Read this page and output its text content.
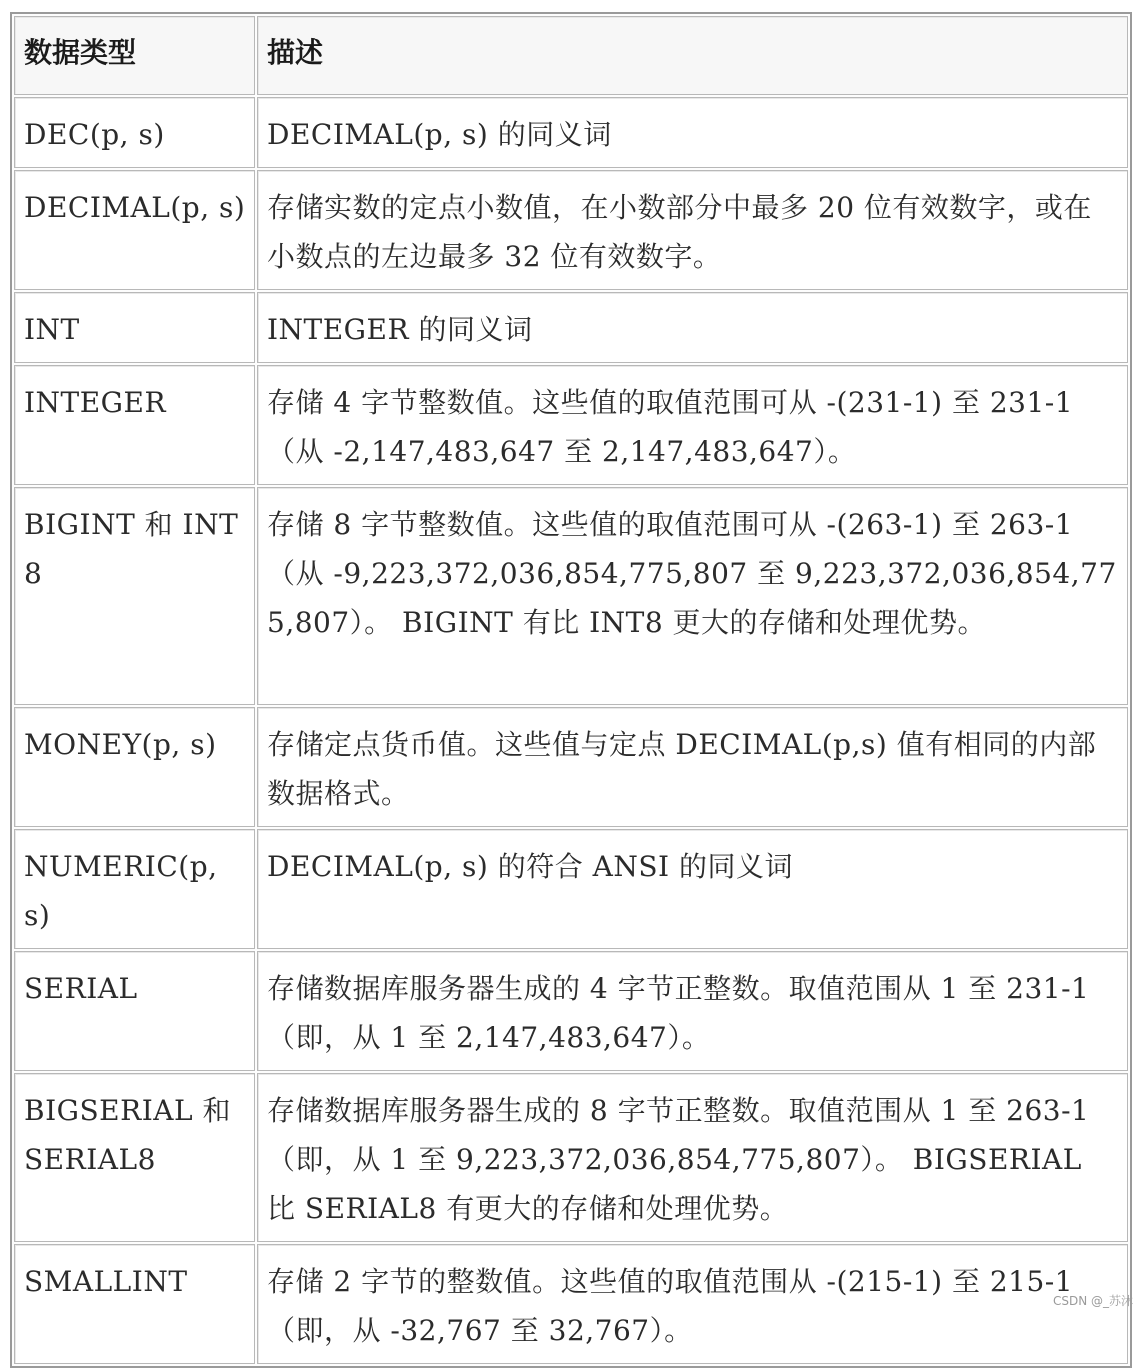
数据类型	描述
DEC(p, s)	DECIMAL(p, s) 的同义词
DECIMAL(p, s)	存储实数的定点小数值，在小数部分中最多 20 位有效数字，或在小数点的左边最多 32 位有效数字。
INT	INTEGER 的同义词
INTEGER	存储 4 字节整数值。这些值的取值范围可从 -(231-1) 至 231-1（从 -2,147,483,647 至 2,147,483,647）。
BIGINT 和 INT8	存储 8 字节整数值。这些值的取值范围可从 -(263-1) 至 263-1（从 -9,223,372,036,854,775,807 至 9,223,372,036,854,775,807）。 BIGINT 有比 INT8 更大的存储和处理优势。
MONEY(p, s)	存储定点货币值。这些值与定点 DECIMAL(p,s) 值有相同的内部数据格式。
NUMERIC(p, s)	DECIMAL(p, s) 的符合 ANSI 的同义词
SERIAL	存储数据库服务器生成的 4 字节正整数。取值范围从 1 至 231-1（即，从 1 至 2,147,483,647）。
BIGSERIAL 和 SERIAL8	存储数据库服务器生成的 8 字节正整数。取值范围从 1 至 263-1（即，从 1 至 9,223,372,036,854,775,807）。 BIGSERIAL 比 SERIAL8 有更大的存储和处理优势。
SMALLINT	存储 2 字节的整数值。这些值的取值范围从 -(215-1) 至 215-1（即，从 -32,767 至 32,767）。
CSDN @_苏沐
